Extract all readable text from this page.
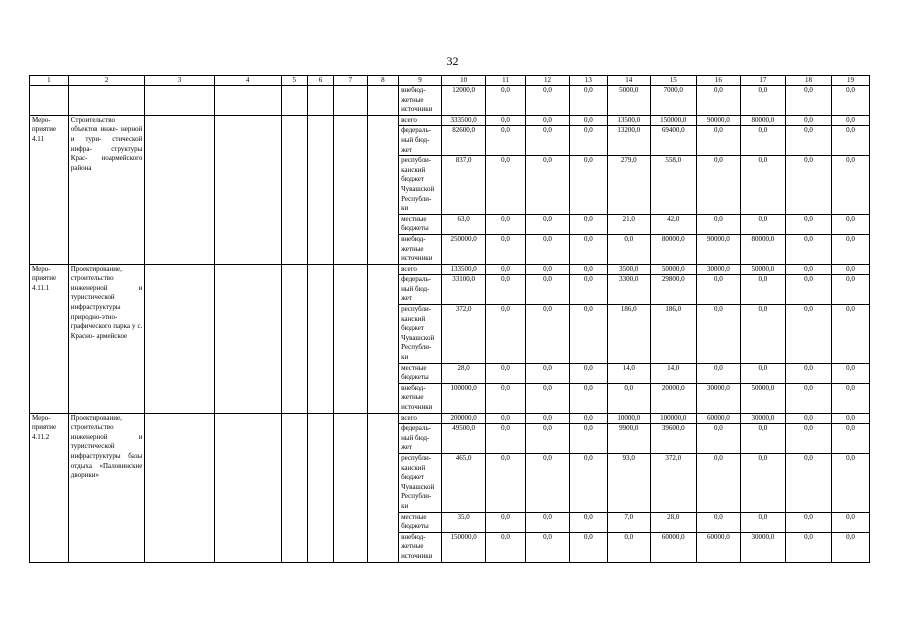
32
1	2	3	4	5	6	7	8	9	10	11	12	13	14	15	16	17	18	19
								внебюд- жетные источники	12000,0	0,0	0,0	0,0	5000,0	7000,0	0,0	0,0	0,0	0,0
Меро- приятие 4.11	Строительство объектов инже- нерной и тури- стической инфра- структуры Крас- ноармейского района							всего	333500,0	0,0	0,0	0,0	13500,0	150000,0	90000,0	80000,0	0,0	0,0
								федераль- ный бюд- жет	82600,0	0,0	0,0	0,0	13200,0	69400,0	0,0	0,0	0,0	0,0
								республи- канский бюджет Чувашской Республи- ки	837,0	0,0	0,0	0,0	279,0	558,0	0,0	0,0	0,0	0,0
								местные бюджеты	63,0	0,0	0,0	0,0	21,0	42,0	0,0	0,0	0,0	0,0
								внебюд- жетные источники	250000,0	0,0	0,0	0,0	0,0	80000,0	90000,0	80000,0	0,0	0,0
Меро- приятие 4.11.1	Проектирование, строительство инженерной и туристической инфраструктуры природно-этно- графического парка у с. Красно- армейское							всего	133500,0	0,0	0,0	0,0	3500,0	50000,0	30000,0	50000,0	0,0	0,0
								федераль- ный бюд- жет	33100,0	0,0	0,0	0,0	3300,0	29800,0	0,0	0,0	0,0	0,0
								республи- канский бюджет Чувашской Республи- ки	372,0	0,0	0,0	0,0	186,0	186,0	0,0	0,0	0,0	0,0
								местные бюджеты	28,0	0,0	0,0	0,0	14,0	14,0	0,0	0,0	0,0	0,0
								внебюд- жетные источники	100000,0	0,0	0,0	0,0	0,0	20000,0	30000,0	50000,0	0,0	0,0
Меро- приятие 4.11.2	Проектирование, строительство инженерной и туристической инфраструктуры базы отдыха «Паловинские дворики»							всего	200000,0	0,0	0,0	0,0	10000,0	100000,0	60000,0	30000,0	0,0	0,0
								федераль- ный бюд- жет	49500,0	0,0	0,0	0,0	9900,0	39600,0	0,0	0,0	0,0	0,0
								республи- канский бюджет Чувашской Республи- ки	465,0	0,0	0,0	0,0	93,0	372,0	0,0	0,0	0,0	0,0
								местные бюджеты	35,0	0,0	0,0	0,0	7,0	28,0	0,0	0,0	0,0	0,0
								внебюд- жетные источники	150000,0	0,0	0,0	0,0	0,0	60000,0	60000,0	30000,0	0,0	0,0
